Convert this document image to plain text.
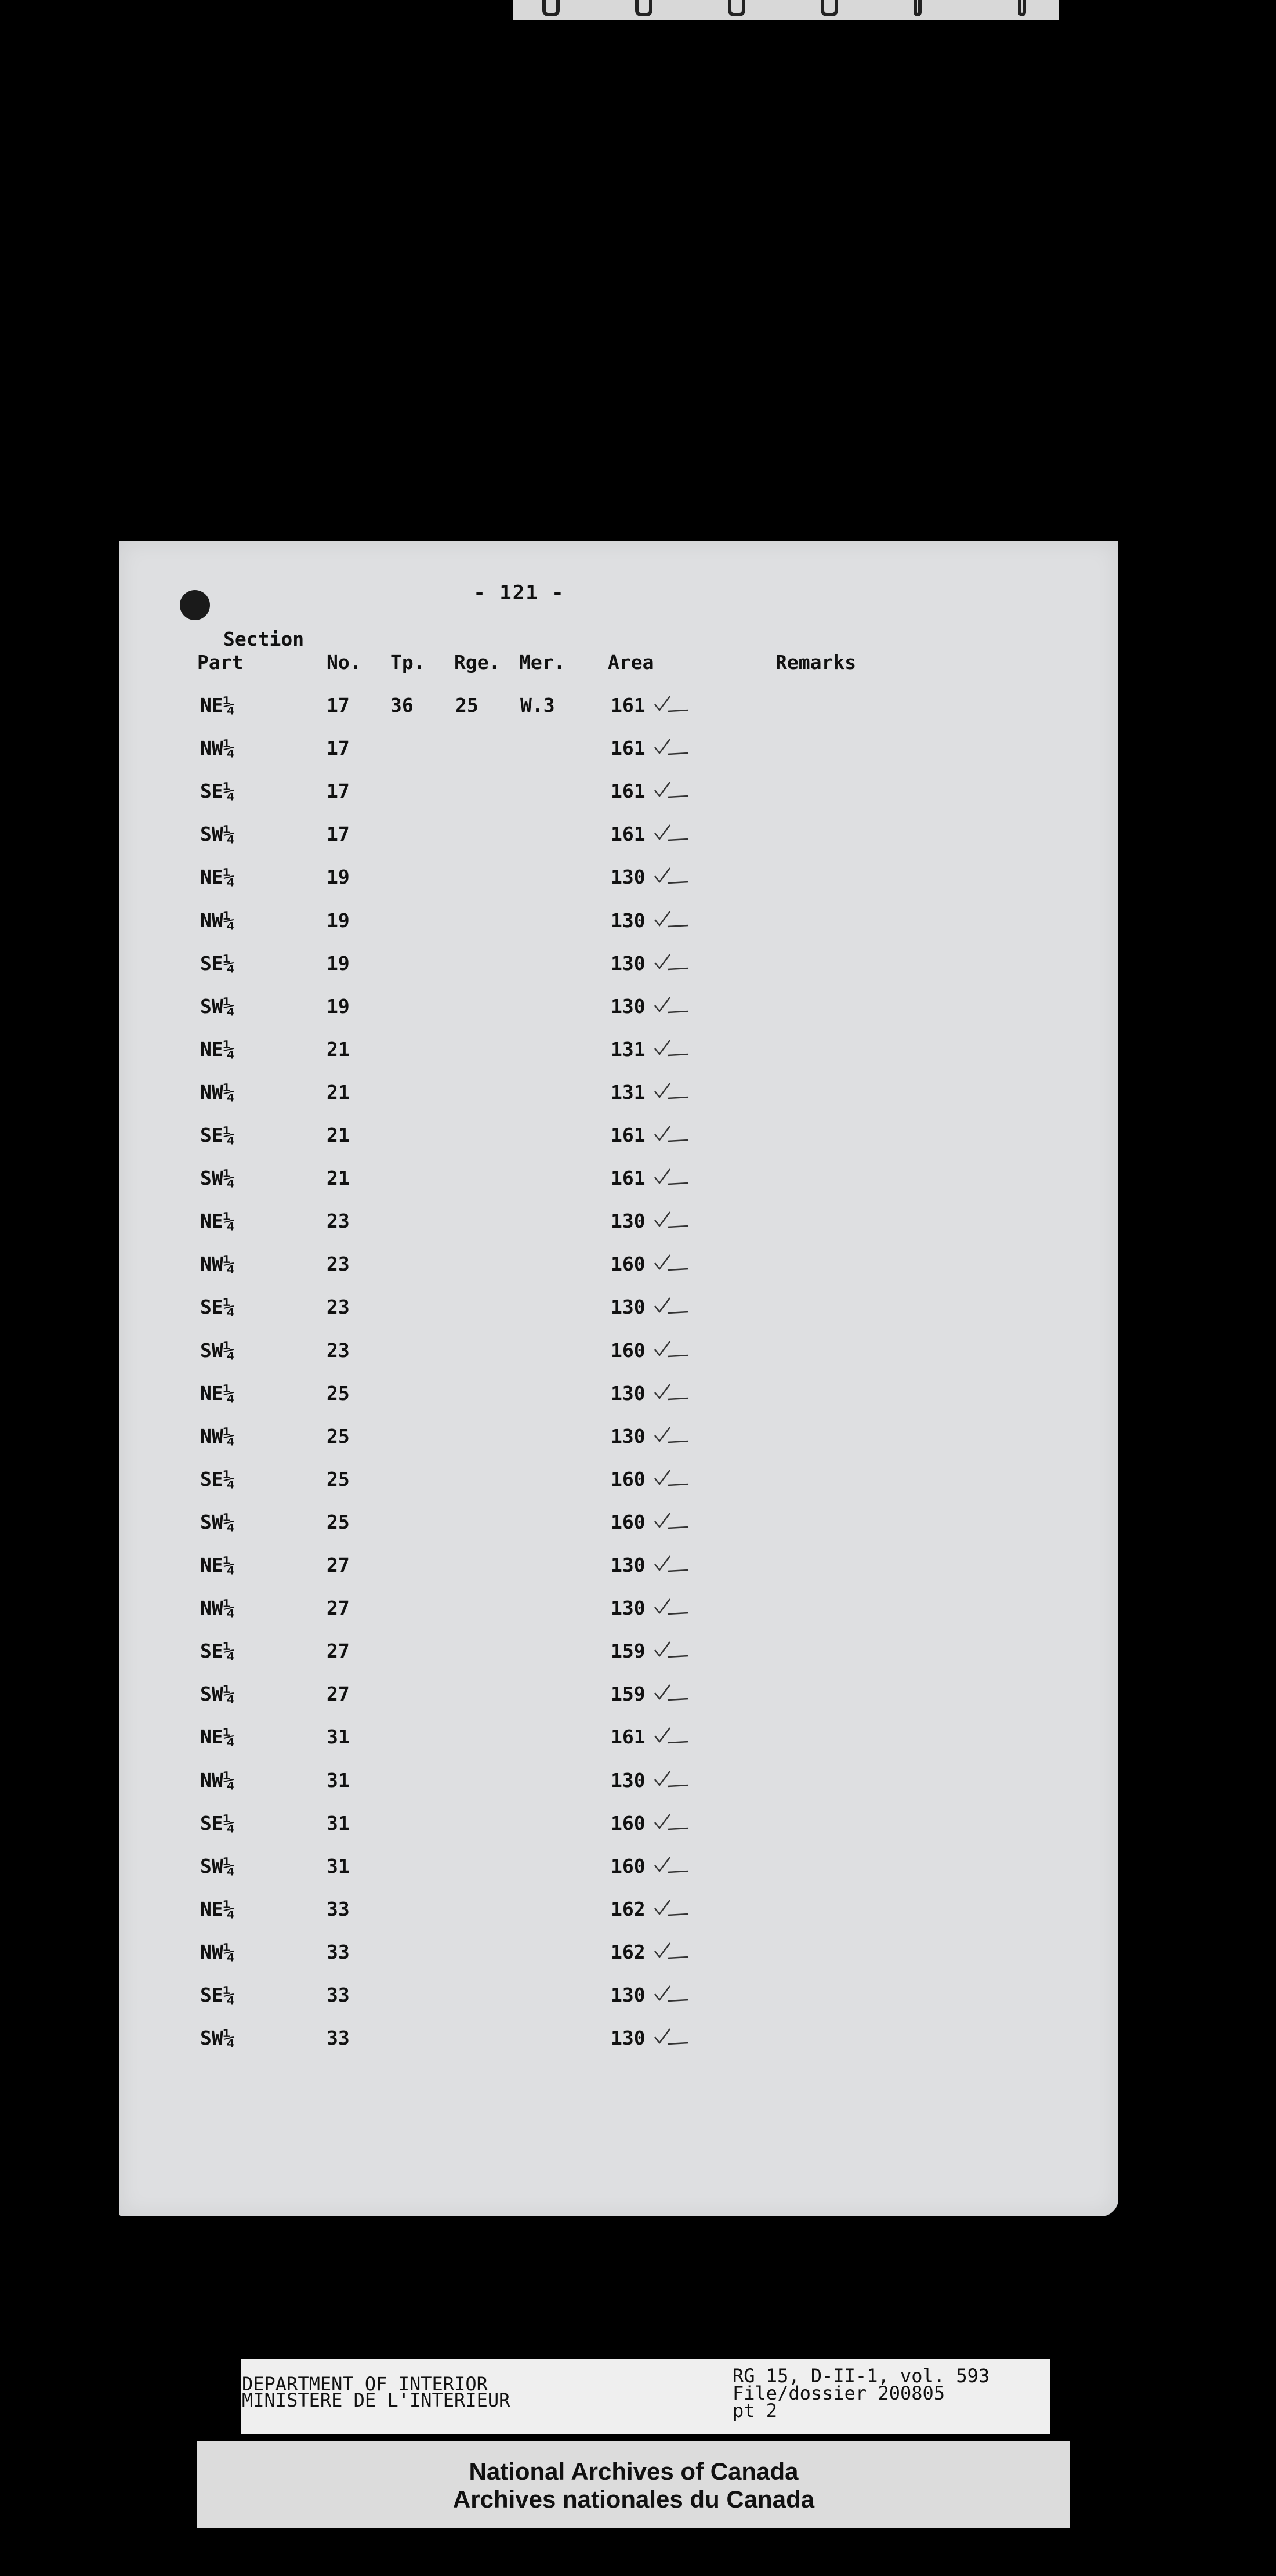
- 121 -
Section
Part	No. Tp. Rge. Mer. Area	Remarks
NE¼	17 36 25 W.3	161
NW¼	17	161
SE¼	17	161
SW¼	17	161
NE¼	19	130
NW¼	19	130
SE¼	19	130
SW¼	19	130
NE¼	21	131
NW¼	21	131
SE¼	21	161
SW¼	21	161
NE¼	23	130
NW¼	23	160
SE¼	23	130
SW¼	23	160
NE¼	25	130
NW¼	25	130
SE¼	25	160
SW¼	25	160
NE¼	27	130
NW¼	27	130
SE¼	27	159
SW¼	27	159
NE¼	31	161
NW¼	31	130
SE¼	31	160
SW¼	31	160
NE¼	33	162
NW¼	33	162
SE¼	33	130
SW¼	33	130
DEPARTMENT OF INTERIOR
MINISTERE DE L'INTERIEUR
RG 15, D-II-1, vol. 593
File/dossier 200805
pt 2
National Archives of Canada
Archives nationales du Canada
